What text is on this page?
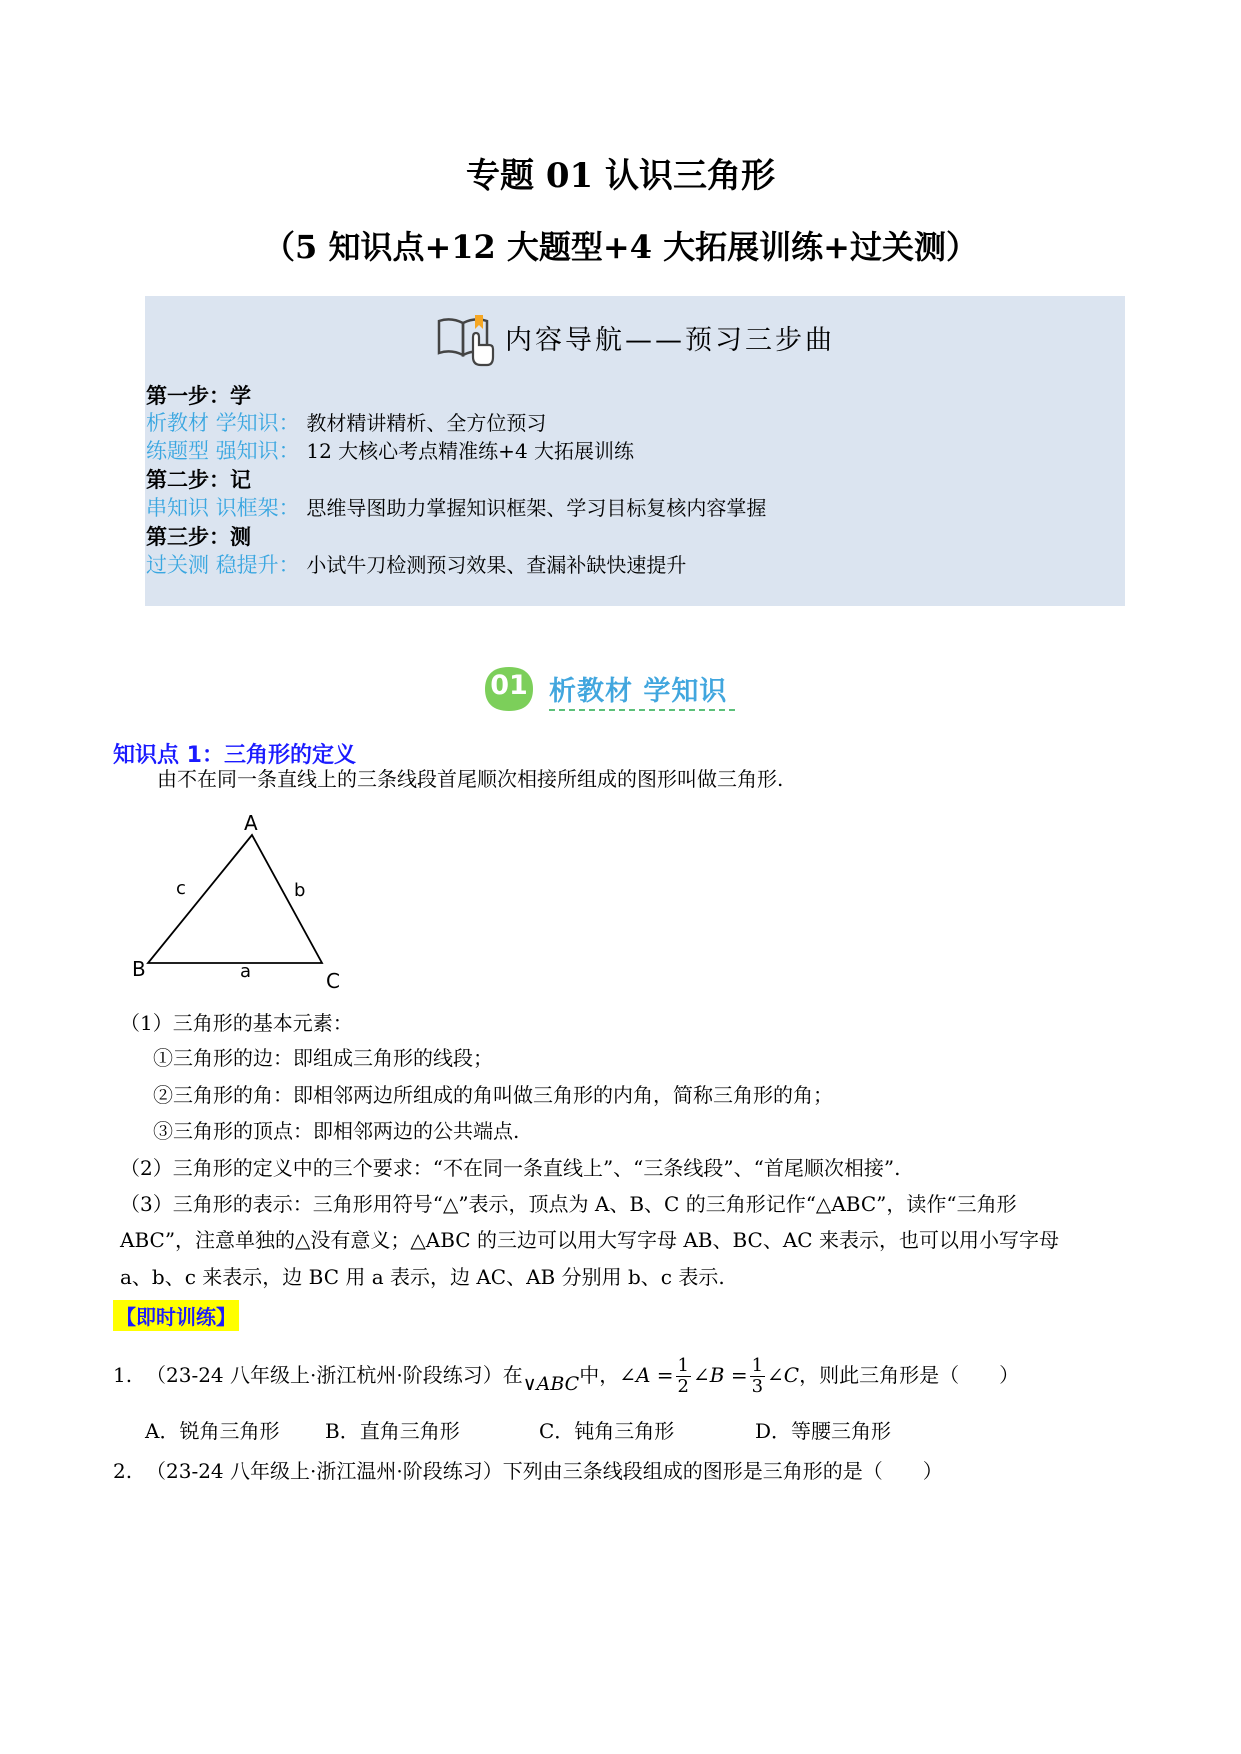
专题 01 认识三角形
（5 知识点+12 大题型+4 大拓展训练+过关测）
内容导航——预习三步曲
第一步：学
析教材 学知识： 教材精讲精析、全方位预习
练题型 强知识： 12 大核心考点精准练+4 大拓展训练
第二步：记
串知识 识框架： 思维导图助力掌握知识框架、学习目标复核内容掌握
第三步：测
过关测 稳提升： 小试牛刀检测预习效果、查漏补缺快速提升
01 析教材 学知识
知识点 1：三角形的定义
由不在同一条直线上的三条线段首尾顺次相接所组成的图形叫做三角形.
A
B	C
a
b
c
（1）三角形的基本元素：
①三角形的边：即组成三角形的线段；
②三角形的角：即相邻两边所组成的角叫做三角形的内角，简称三角形的角；
③三角形的顶点：即相邻两边的公共端点.
（2）三角形的定义中的三个要求：“不在同一条直线上”、“三条线段”、“首尾顺次相接”.
（3）三角形的表示：三角形用符号“△”表示，顶点为 A、B、C 的三角形记作“△ABC”，读作“三角形
ABC”，注意单独的△没有意义；△ABC 的三边可以用大写字母 AB、BC、AC 来表示，也可以用小写字母
a、b、c 来表示，边 BC 用 a 表示，边 AC、AB 分别用 b、c 表示.
【即时训练】
1. （23-24 八年级上·浙江杭州·阶段练习）在∨ABC中，∠A = $\frac{1}{2}$ ∠B = $\frac{1}{3}$ ∠C，则此三角形是（　　）
A．锐角三角形 B．直角三角形	C．钝角三角形	D．等腰三角形
2. （23-24 八年级上·浙江温州·阶段练习）下列由三条线段组成的图形是三角形的是（　　）
